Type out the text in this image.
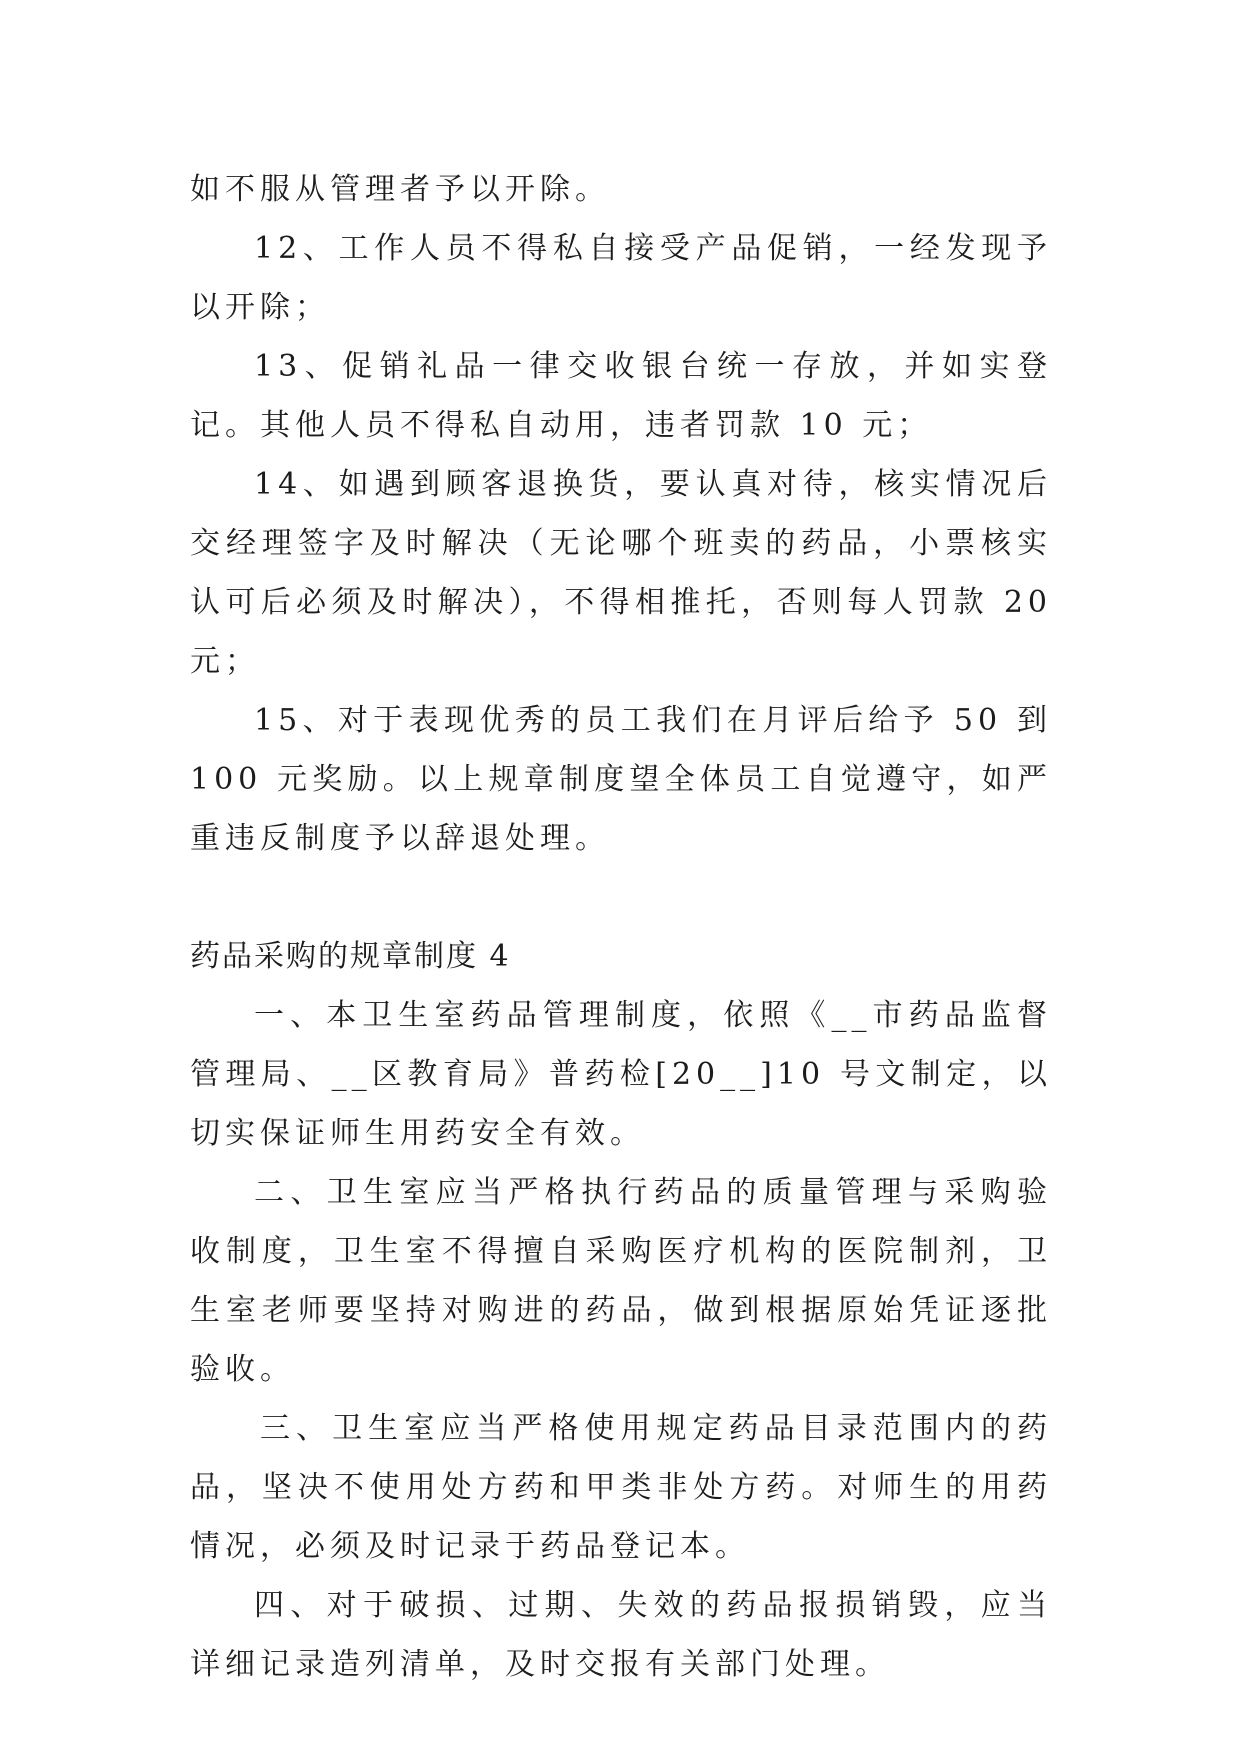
如不服从管理者予以开除。

12、工作人员不得私自接受产品促销，一经发现予以开除；

13、促销礼品一律交收银台统一存放，并如实登记。其他人员不得私自动用，违者罚款 10 元；

14、如遇到顾客退换货，要认真对待，核实情况后交经理签字及时解决（无论哪个班卖的药品，小票核实认可后必须及时解决），不得相推托，否则每人罚款 20 元；

15、对于表现优秀的员工我们在月评后给予 50 到 100 元奖励。以上规章制度望全体员工自觉遵守，如严重违反制度予以辞退处理。

药品采购的规章制度 4

一、本卫生室药品管理制度，依照《__市药品监督管理局、__区教育局》普药检[20__]10 号文制定，以切实保证师生用药安全有效。

二、卫生室应当严格执行药品的质量管理与采购验收制度，卫生室不得擅自采购医疗机构的医院制剂，卫生室老师要坚持对购进的药品，做到根据原始凭证逐批验收。

三、卫生室应当严格使用规定药品目录范围内的药品，坚决不使用处方药和甲类非处方药。对师生的用药情况，必须及时记录于药品登记本。

四、对于破损、过期、失效的药品报损销毁，应当详细记录造列清单，及时交报有关部门处理。
